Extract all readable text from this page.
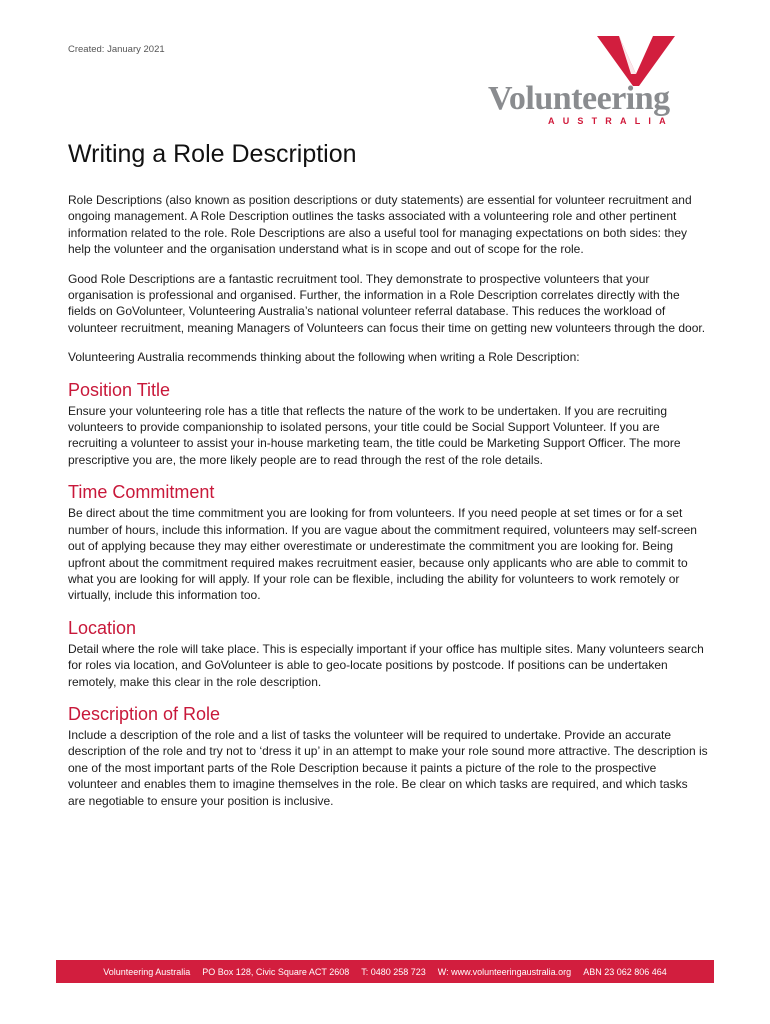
Created: January 2021
Volunteering
AUSTRALIA
Writing a Role Description

Role Descriptions (also known as position descriptions or duty statements) are essential for volunteer recruitment and ongoing management. A Role Description outlines the tasks associated with a volunteering role and other pertinent information related to the role. Role Descriptions are also a useful tool for managing expectations on both sides: they help the volunteer and the organisation understand what is in scope and out of scope for the role.

Good Role Descriptions are a fantastic recruitment tool. They demonstrate to prospective volunteers that your organisation is professional and organised. Further, the information in a Role Description correlates directly with the fields on GoVolunteer, Volunteering Australia’s national volunteer referral database. This reduces the workload of volunteer recruitment, meaning Managers of Volunteers can focus their time on getting new volunteers through the door.

Volunteering Australia recommends thinking about the following when writing a Role Description:

Position Title

Ensure your volunteering role has a title that reflects the nature of the work to be undertaken. If you are recruiting volunteers to provide companionship to isolated persons, your title could be Social Support Volunteer. If you are recruiting a volunteer to assist your in-house marketing team, the title could be Marketing Support Officer. The more prescriptive you are, the more likely people are to read through the rest of the role details.

Time Commitment

Be direct about the time commitment you are looking for from volunteers. If you need people at set times or for a set number of hours, include this information. If you are vague about the commitment required, volunteers may self-screen out of applying because they may either overestimate or underestimate the commitment you are looking for. Being upfront about the commitment required makes recruitment easier, because only applicants who are able to commit to what you are looking for will apply. If your role can be flexible, including the ability for volunteers to work remotely or virtually, include this information too.

Location

Detail where the role will take place. This is especially important if your office has multiple sites. Many volunteers search for roles via location, and GoVolunteer is able to geo-locate positions by postcode. If positions can be undertaken remotely, make this clear in the role description.

Description of Role

Include a description of the role and a list of tasks the volunteer will be required to undertake. Provide an accurate description of the role and try not to ‘dress it up’ in an attempt to make your role sound more attractive. The description is one of the most important parts of the Role Description because it paints a picture of the role to the prospective volunteer and enables them to imagine themselves in the role. Be clear on which tasks are required, and which tasks are negotiable to ensure your position is inclusive.

Volunteering Australia PO Box 128, Civic Square ACT 2608 T: 0480 258 723 W: www.volunteeringaustralia.org ABN 23 062 806 464
